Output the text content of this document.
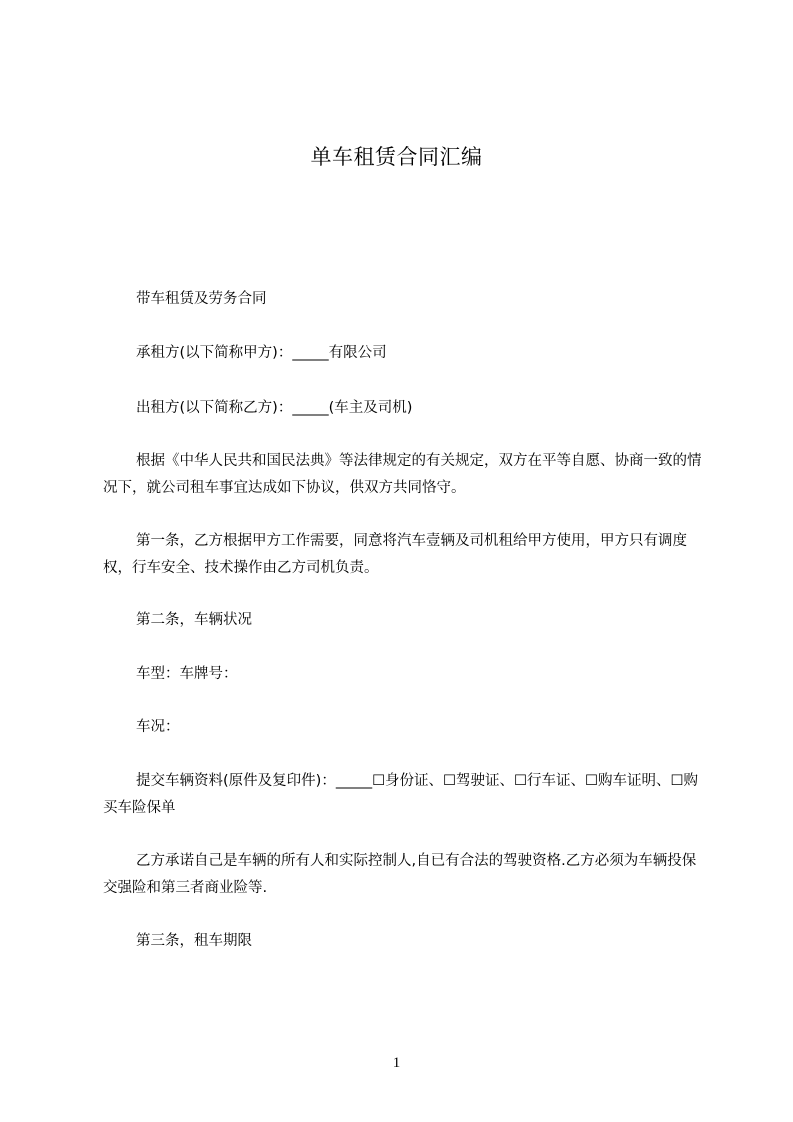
单车租赁合同汇编
带车租赁及劳务合同
承租方(以下简称甲方)：_____有限公司
出租方(以下简称乙方)：_____(车主及司机)
根据《中华人民共和国民法典》等法律规定的有关规定，双方在平等自愿、协商一致的情况下，就公司租车事宜达成如下协议，供双方共同恪守。
第一条，乙方根据甲方工作需要，同意将汽车壹辆及司机租给甲方使用，甲方只有调度权，行车安全、技术操作由乙方司机负责。
第二条，车辆状况
车型：车牌号：
车况：
提交车辆资料(原件及复印件)：_____☐身份证、☐驾驶证、☐行车证、☐购车证明、☐购买车险保单
乙方承诺自己是车辆的所有人和实际控制人,自已有合法的驾驶资格.乙方必须为车辆投保交强险和第三者商业险等.
第三条，租车期限
1
